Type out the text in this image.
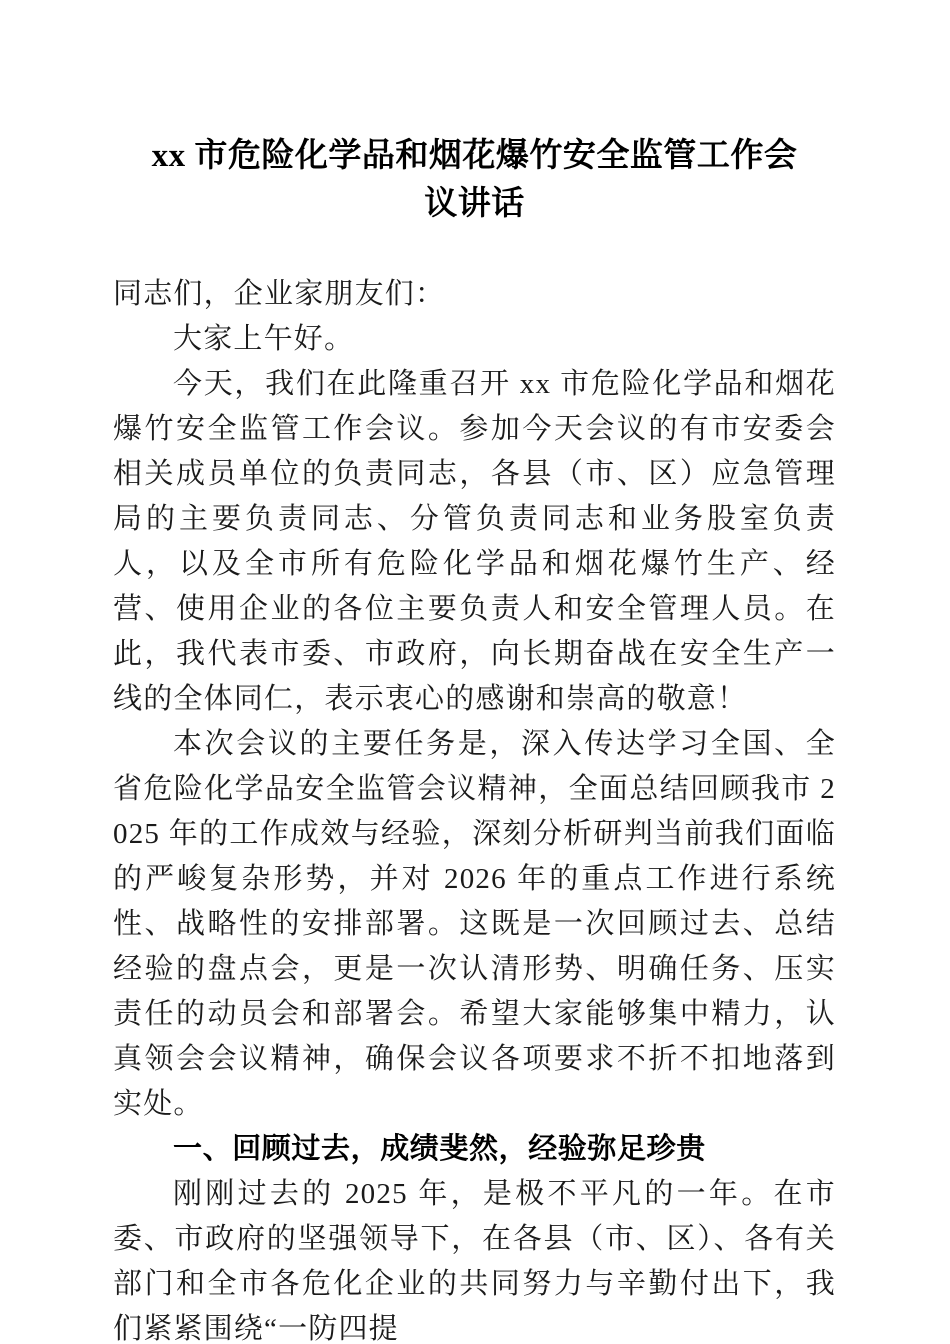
xx 市危险化学品和烟花爆竹安全监管工作会
议讲话

同志们，企业家朋友们：

大家上午好。

今天，我们在此隆重召开 xx 市危险化学品和烟花爆竹安全监管工作会议。参加今天会议的有市安委会相关成员单位的负责同志，各县（市、区）应急管理局的主要负责同志、分管负责同志和业务股室负责人，以及全市所有危险化学品和烟花爆竹生产、经营、使用企业的各位主要负责人和安全管理人员。在此，我代表市委、市政府，向长期奋战在安全生产一线的全体同仁，表示衷心的感谢和崇高的敬意！

本次会议的主要任务是，深入传达学习全国、全省危险化学品安全监管会议精神，全面总结回顾我市 2025 年的工作成效与经验，深刻分析研判当前我们面临的严峻复杂形势，并对 2026 年的重点工作进行系统性、战略性的安排部署。这既是一次回顾过去、总结经验的盘点会，更是一次认清形势、明确任务、压实责任的动员会和部署会。希望大家能够集中精力，认真领会会议精神，确保会议各项要求不折不扣地落到实处。

一、回顾过去，成绩斐然，经验弥足珍贵

刚刚过去的 2025 年，是极不平凡的一年。在市委、市政府的坚强领导下，在各县（市、区）、各有关部门和全市各危化企业的共同努力与辛勤付出下，我们紧紧围绕“一防四提
